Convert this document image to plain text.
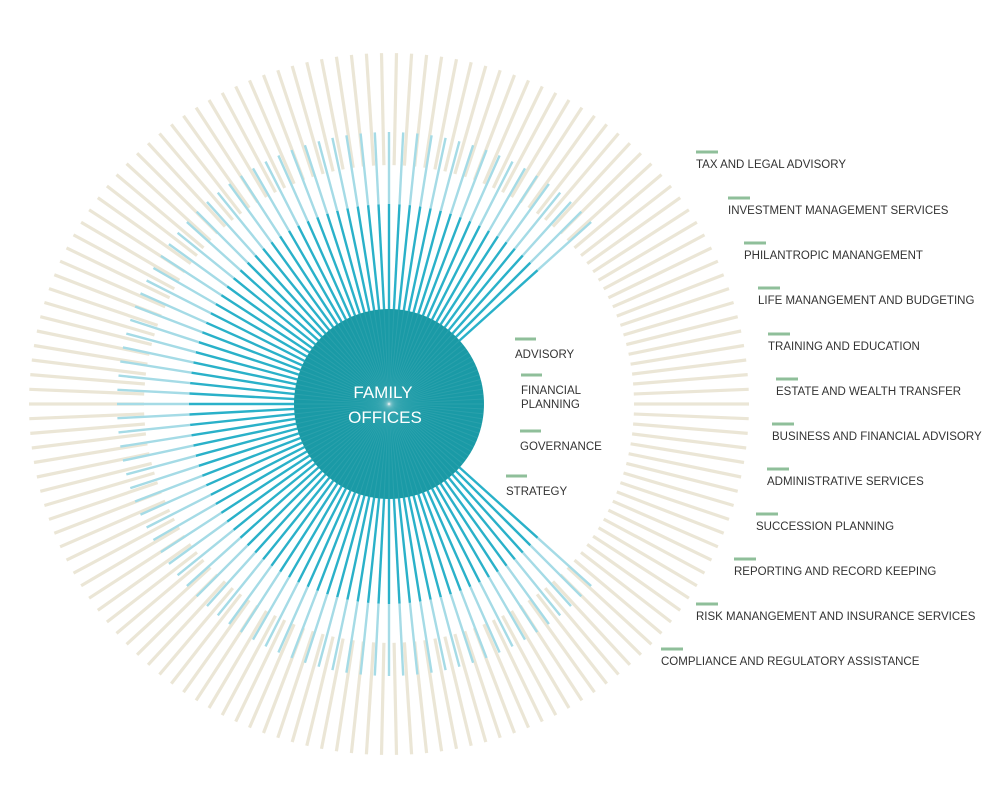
FAMILY
OFFICES
ADVISORY
FINANCIAL
PLANNING
GOVERNANCE
STRATEGY
TAX AND LEGAL ADVISORY
INVESTMENT MANAGEMENT SERVICES
PHILANTROPIC MANANGEMENT
LIFE MANANGEMENT AND BUDGETING
TRAINING AND EDUCATION
ESTATE AND WEALTH TRANSFER
BUSINESS AND FINANCIAL ADVISORY
ADMINISTRATIVE SERVICES
SUCCESSION PLANNING
REPORTING AND RECORD KEEPING
RISK MANANGEMENT AND INSURANCE SERVICES
COMPLIANCE AND REGULATORY ASSISTANCE
